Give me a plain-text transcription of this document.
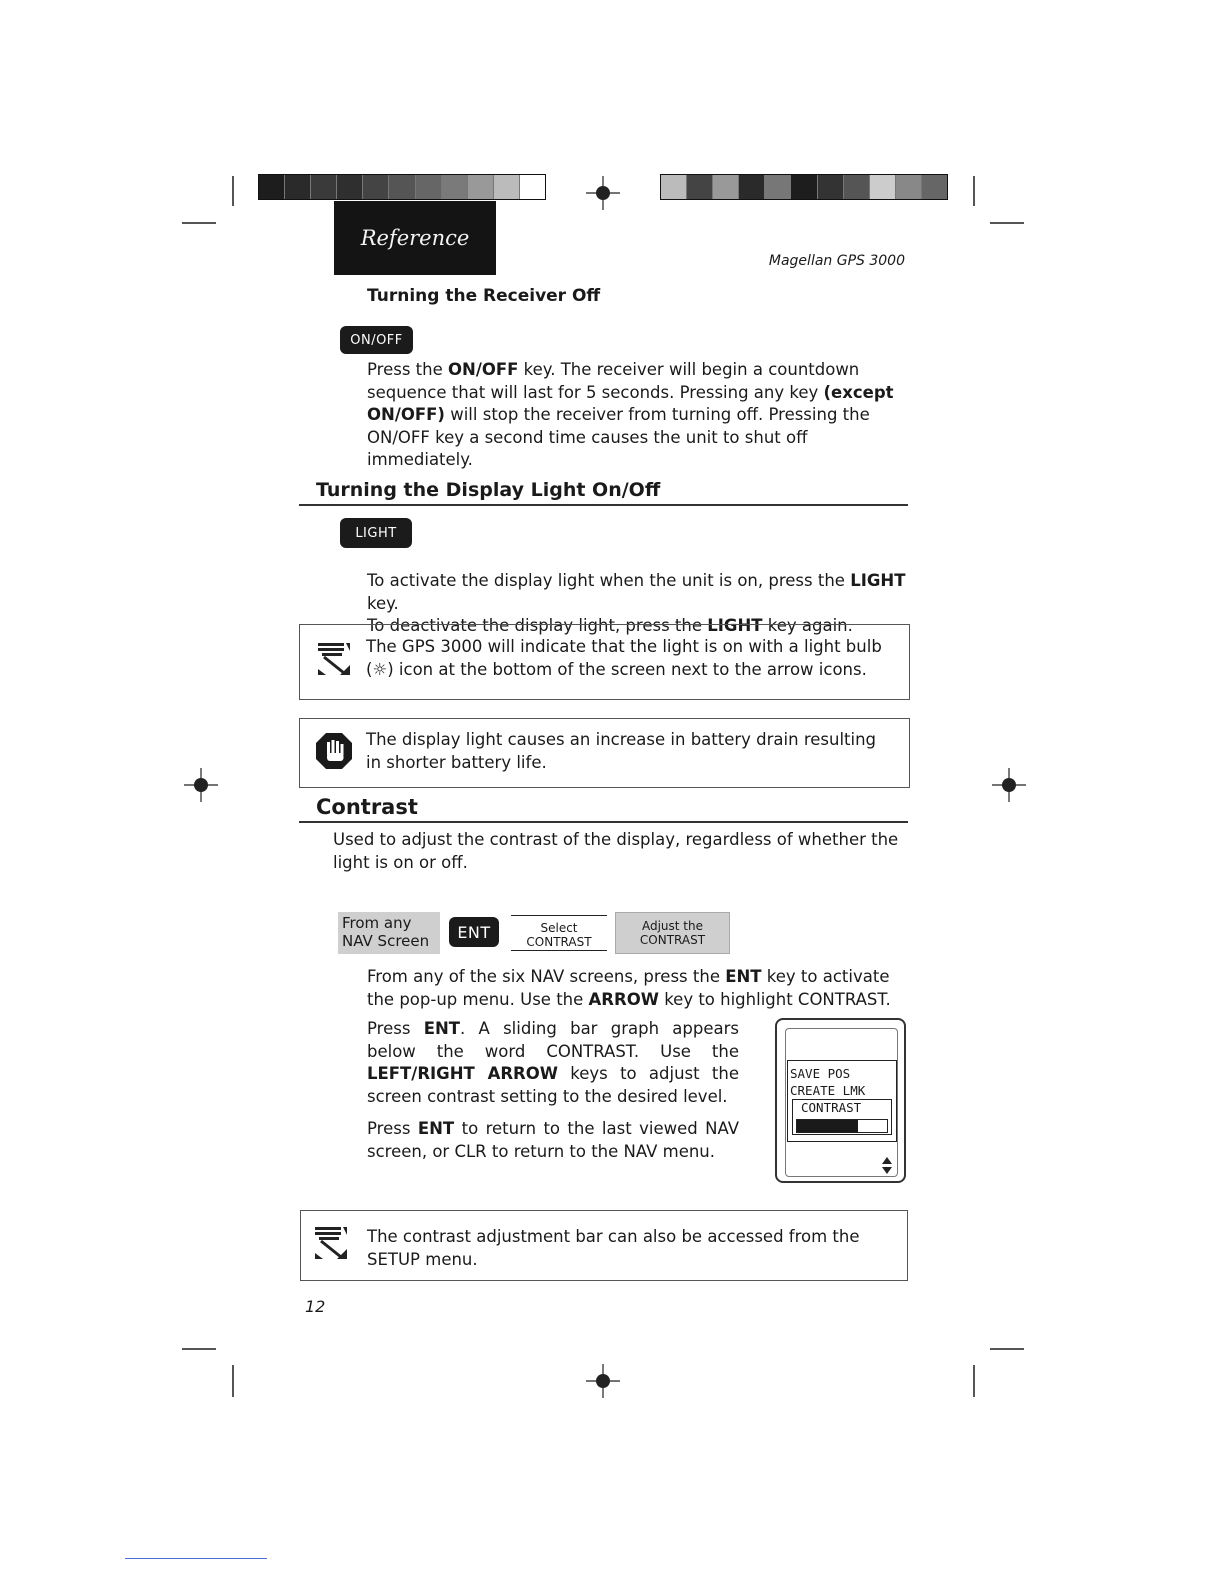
Reference
Magellan GPS 3000
Turning the Receiver Off
ON/OFF
Press the ON/OFF key. The receiver will begin a countdown sequence that will last for 5 seconds. Pressing any key (except ON/OFF) will stop the receiver from turning off. Pressing the ON/OFF key a second time causes the unit to shut off immediately.
Turning the Display Light On/Off
LIGHT
To activate the display light when the unit is on, press the LIGHT key.
To deactivate the display light, press the LIGHT key again.
The GPS 3000 will indicate that the light is on with a light bulb (☼) icon at the bottom of the screen next to the arrow icons.
The display light causes an increase in battery drain resulting in shorter battery life.
Contrast
Used to adjust the contrast of the display, regardless of whether the light is on or off.
From any
NAV Screen	ENT	Select
CONTRAST
Adjust the
CONTRAST
From any of the six NAV screens, press the ENT key to activate the pop-up menu. Use the ARROW key to highlight CONTRAST.
Press ENT. A sliding bar graph appears below the word CONTRAST. Use the LEFT/RIGHT ARROW keys to adjust the screen contrast setting to the desired level.
Press ENT to return to the last viewed NAV screen, or CLR to return to the NAV menu.
SAVE POS
CREATE LMK
CONTRAST
The contrast adjustment bar can also be accessed from the SETUP menu.
12
